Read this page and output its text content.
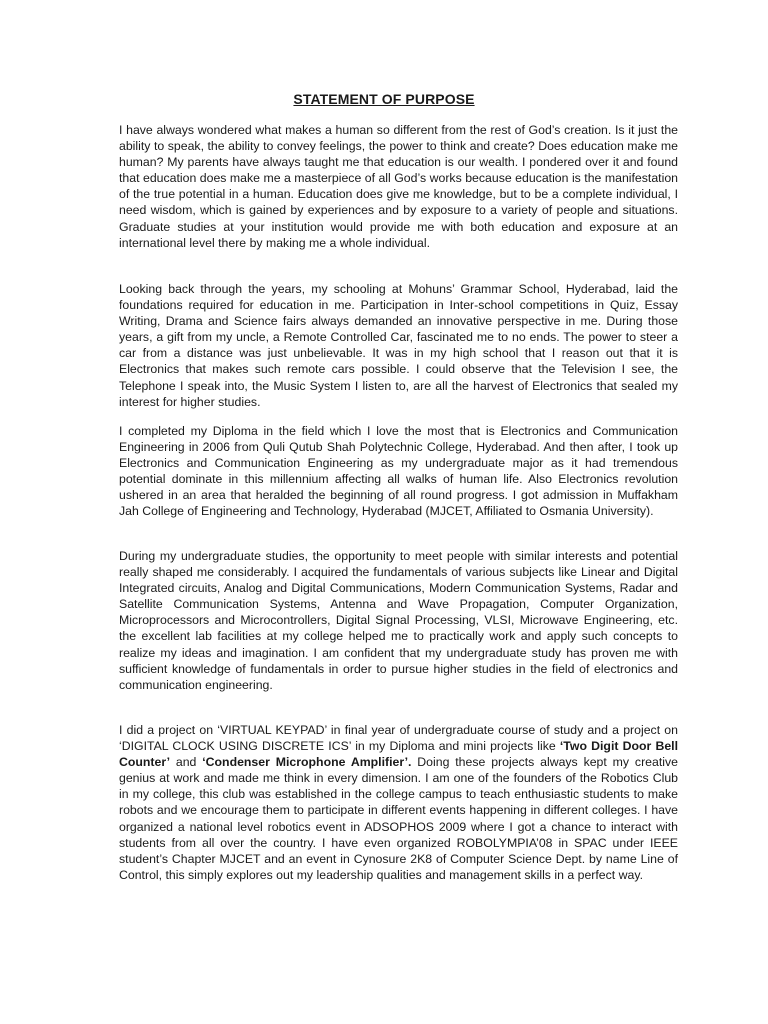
STATEMENT OF PURPOSE

I have always wondered what makes a human so different from the rest of God’s creation. Is it just the ability to speak, the ability to convey feelings, the power to think and create? Does education make me human? My parents have always taught me that education is our wealth. I pondered over it and found that education does make me a masterpiece of all God’s works because education is the manifestation of the true potential in a human. Education does give me knowledge, but to be a complete individual, I need wisdom, which is gained by experiences and by exposure to a variety of people and situations. Graduate studies at your institution would provide me with both education and exposure at an international level there by making me a whole individual.

Looking back through the years, my schooling at Mohuns’ Grammar School, Hyderabad, laid the foundations required for education in me. Participation in Inter-school competitions in Quiz, Essay Writing, Drama and Science fairs always demanded an innovative perspective in me. During those years, a gift from my uncle, a Remote Controlled Car, fascinated me to no ends. The power to steer a car from a distance was just unbelievable. It was in my high school that I reason out that it is Electronics that makes such remote cars possible. I could observe that the Television I see, the Telephone I speak into, the Music System I listen to, are all the harvest of Electronics that sealed my interest for higher studies.

I completed my Diploma in the field which I love the most that is Electronics and Communication Engineering in 2006 from Quli Qutub Shah Polytechnic College, Hyderabad. And then after, I took up Electronics and Communication Engineering as my undergraduate major as it had tremendous potential dominate in this millennium affecting all walks of human life. Also Electronics revolution ushered in an area that heralded the beginning of all round progress. I got admission in Muffakham Jah College of Engineering and Technology, Hyderabad (MJCET, Affiliated to Osmania University).

During my undergraduate studies, the opportunity to meet people with similar interests and potential really shaped me considerably. I acquired the fundamentals of various subjects like Linear and Digital Integrated circuits, Analog and Digital Communications, Modern Communication Systems, Radar and Satellite Communication Systems, Antenna and Wave Propagation, Computer Organization, Microprocessors and Microcontrollers, Digital Signal Processing, VLSI, Microwave Engineering, etc. the excellent lab facilities at my college helped me to practically work and apply such concepts to realize my ideas and imagination. I am confident that my undergraduate study has proven me with sufficient knowledge of fundamentals in order to pursue higher studies in the field of electronics and communication engineering.

I did a project on ‘VIRTUAL KEYPAD’ in final year of undergraduate course of study and a project on ‘DIGITAL CLOCK USING DISCRETE ICS’ in my Diploma and mini projects like ‘Two Digit Door Bell Counter’ and ‘Condenser Microphone Amplifier’. Doing these projects always kept my creative genius at work and made me think in every dimension. I am one of the founders of the Robotics Club in my college, this club was established in the college campus to teach enthusiastic students to make robots and we encourage them to participate in different events happening in different colleges. I have organized a national level robotics event in ADSOPHOS 2009 where I got a chance to interact with students from all over the country. I have even organized ROBOLYMPIA’08 in SPAC under IEEE student’s Chapter MJCET and an event in Cynosure 2K8 of Computer Science Dept. by name Line of Control, this simply explores out my leadership qualities and management skills in a perfect way.
